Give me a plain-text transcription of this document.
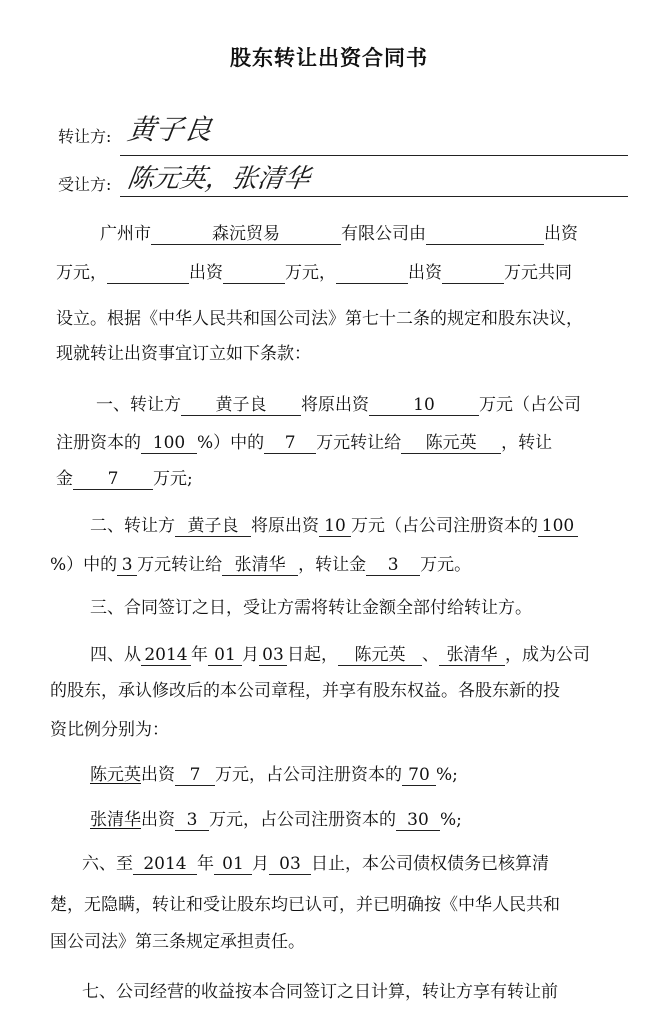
股东转让出资合同书
转让方: 黄子良
受让方: 陈元英，张清华
广州市	森沅贸易	有限公司由	出资
万元，	出资	万元，	出资	万元共同
设立。根据《中华人民共和国公司法》第七十二条的规定和股东决议，
现就转让出资事宜订立如下条款：
一、转让方 黄子良 将原出资	10	万元（占公司
注册资本的 100 %）中的 7 万元转让给 陈元英 ，转让
金 7 万元;
二、转让方 黄子良 将原出资 10 万元（占公司注册资本的 100
%）中的 3 万元转让给 张清华 ，转让金 3 万元。
三、合同签订之日，受让方需将转让金额全部付给转让方。
四、从 2014 年 01 月 03 日起， 陈元英 、 张清华 ，成为公司
的股东，承认修改后的本公司章程，并享有股东权益。各股东新的投
资比例分别为：
陈元英出资 7 万元，占公司注册资本的 70 %;
张清华出资 3 万元，占公司注册资本的 30 %;
六、至 2014 年 01 月 03 日止，本公司债权债务已核算清
楚，无隐瞒，转让和受让股东均已认可，并已明确按《中华人民共和
国公司法》第三条规定承担责任。
七、公司经营的收益按本合同签订之日计算，转让方享有转让前
